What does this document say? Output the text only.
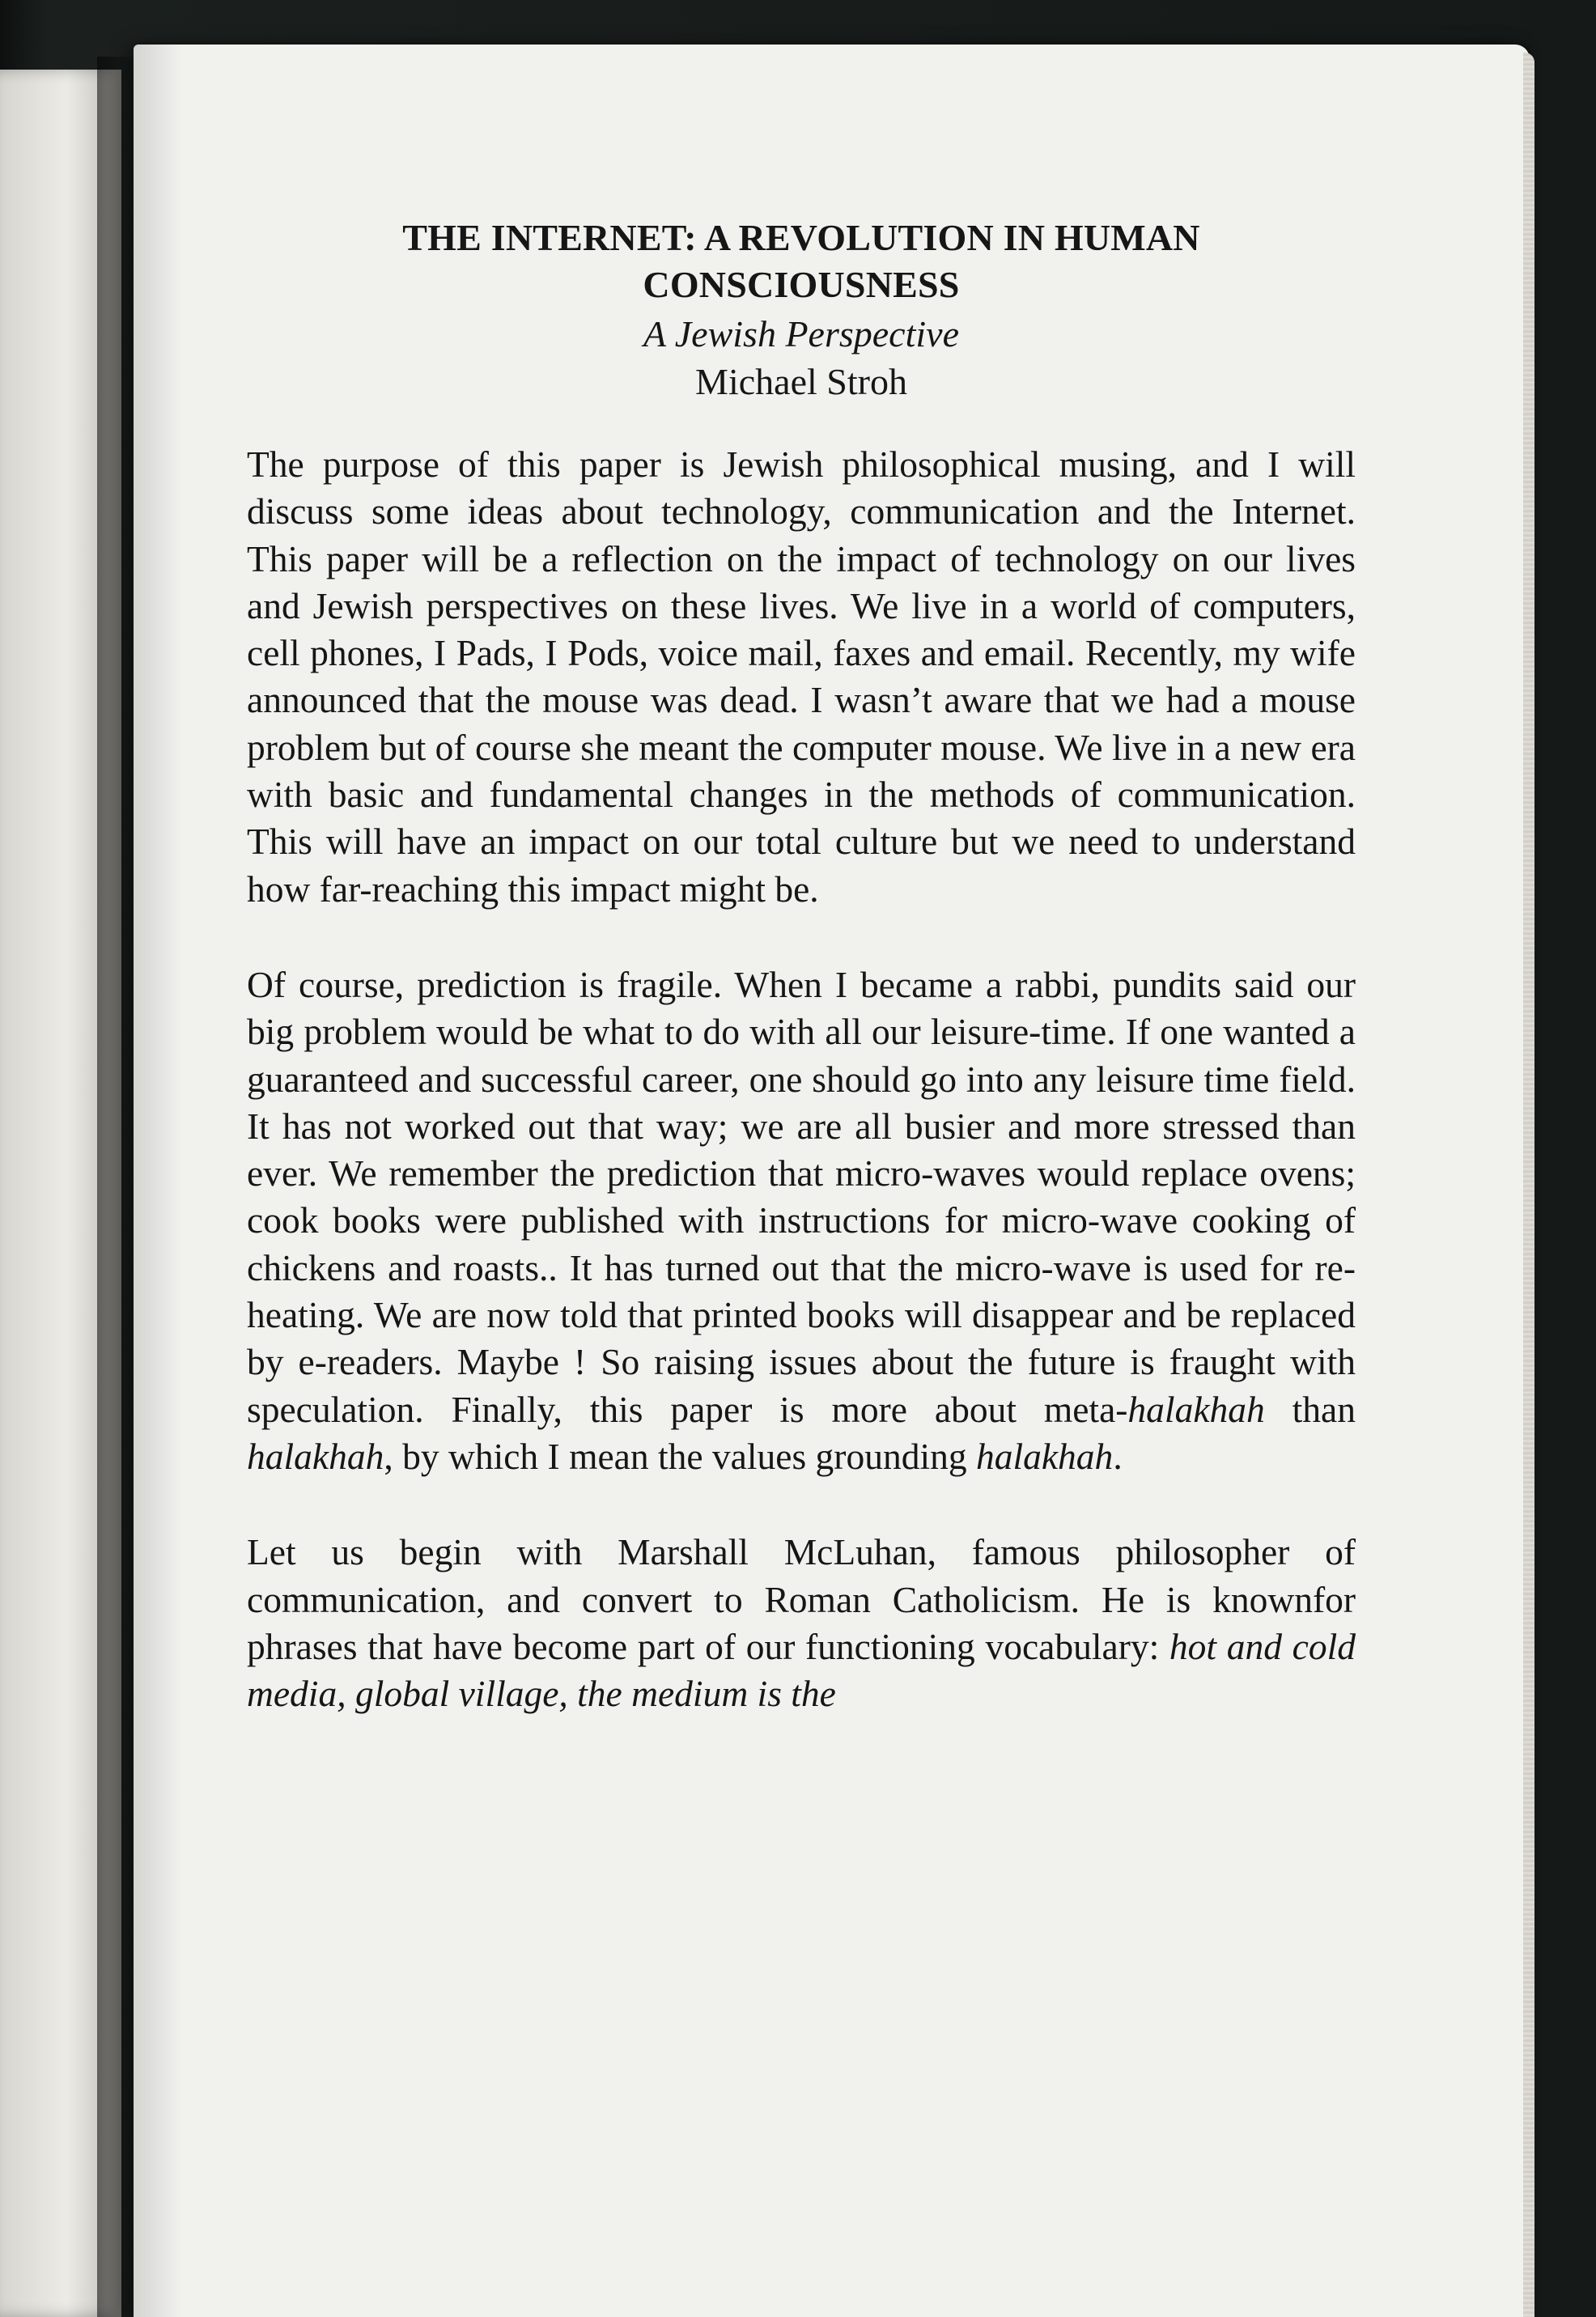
THE INTERNET: A REVOLUTION IN HUMAN
CONSCIOUSNESS
A Jewish Perspective
Michael Stroh

The purpose of this paper is Jewish philosophical musing, and I will discuss some ideas about technology, communication and the Internet. This paper will be a reflection on the impact of technology on our lives and Jewish perspectives on these lives. We live in a world of computers, cell phones, I Pads, I Pods, voice mail, faxes and email. Recently, my wife announced that the mouse was dead. I wasn’t aware that we had a mouse problem but of course she meant the computer mouse. We live in a new era with basic and fundamental changes in the methods of communication. This will have an impact on our total culture but we need to understand how far-reaching this impact might be.

Of course, prediction is fragile. When I became a rabbi, pundits said our big problem would be what to do with all our leisure-time. If one wanted a guaranteed and successful career, one should go into any leisure time field. It has not worked out that way; we are all busier and more stressed than ever. We remember the prediction that micro-waves would replace ovens; cook books were published with instructions for micro-wave cooking of chickens and roasts.. It has turned out that the micro-wave is used for re-heating. We are now told that printed books will disappear and be replaced by e-readers. Maybe ! So raising issues about the future is fraught with speculation. Finally, this paper is more about meta-halakhah than halakhah, by which I mean the values grounding halakhah.

Let us begin with Marshall McLuhan, famous philosopher of communication, and convert to Roman Catholicism. He is knownfor phrases that have become part of our functioning vocabulary: hot and cold media, global village, the medium is the
